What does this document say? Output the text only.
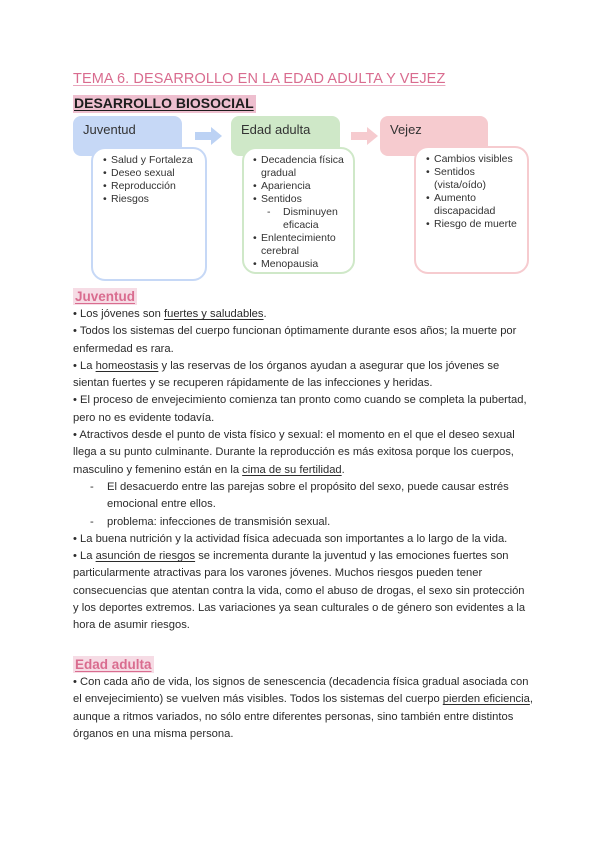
TEMA 6. DESARROLLO EN LA EDAD ADULTA Y VEJEZ
DESARROLLO BIOSOCIAL
Juventud
• Salud y Fortaleza
• Deseo sexual
• Reproducción
• Riesgos
Edad adulta
• Decadencia física gradual
• Apariencia
• Sentidos
- Disminuyen eficacia
• Enlentecimiento cerebral
• Menopausia
Vejez
• Cambios visibles
• Sentidos (vista/oído)
• Aumento discapacidad
• Riesgo de muerte
Juventud

• Los jóvenes son fuertes y saludables.

• Todos los sistemas del cuerpo funcionan óptimamente durante esos años; la muerte por enfermedad es rara.

• La homeostasis y las reservas de los órganos ayudan a asegurar que los jóvenes se sientan fuertes y se recuperen rápidamente de las infecciones y heridas.

• El proceso de envejecimiento comienza tan pronto como cuando se completa la pubertad, pero no es evidente todavía.

• Atractivos desde el punto de vista físico y sexual: el momento en el que el deseo sexual llega a su punto culminante. Durante la reproducción es más exitosa porque los cuerpos, masculino y femenino están en la cima de su fertilidad.

- El desacuerdo entre las parejas sobre el propósito del sexo, puede causar estrés emocional entre ellos.

- problema: infecciones de transmisión sexual.

• La buena nutrición y la actividad física adecuada son importantes a lo largo de la vida.

• La asunción de riesgos se incrementa durante la juventud y las emociones fuertes son particularmente atractivas para los varones jóvenes. Muchos riesgos pueden tener consecuencias que atentan contra la vida, como el abuso de drogas, el sexo sin protección y los deportes extremos. Las variaciones ya sean culturales o de género son evidentes a la hora de asumir riesgos.

Edad adulta

• Con cada año de vida, los signos de senescencia (decadencia física gradual asociada con el envejecimiento) se vuelven más visibles. Todos los sistemas del cuerpo pierden eficiencia, aunque a ritmos variados, no sólo entre diferentes personas, sino también entre distintos órganos en una misma persona.
